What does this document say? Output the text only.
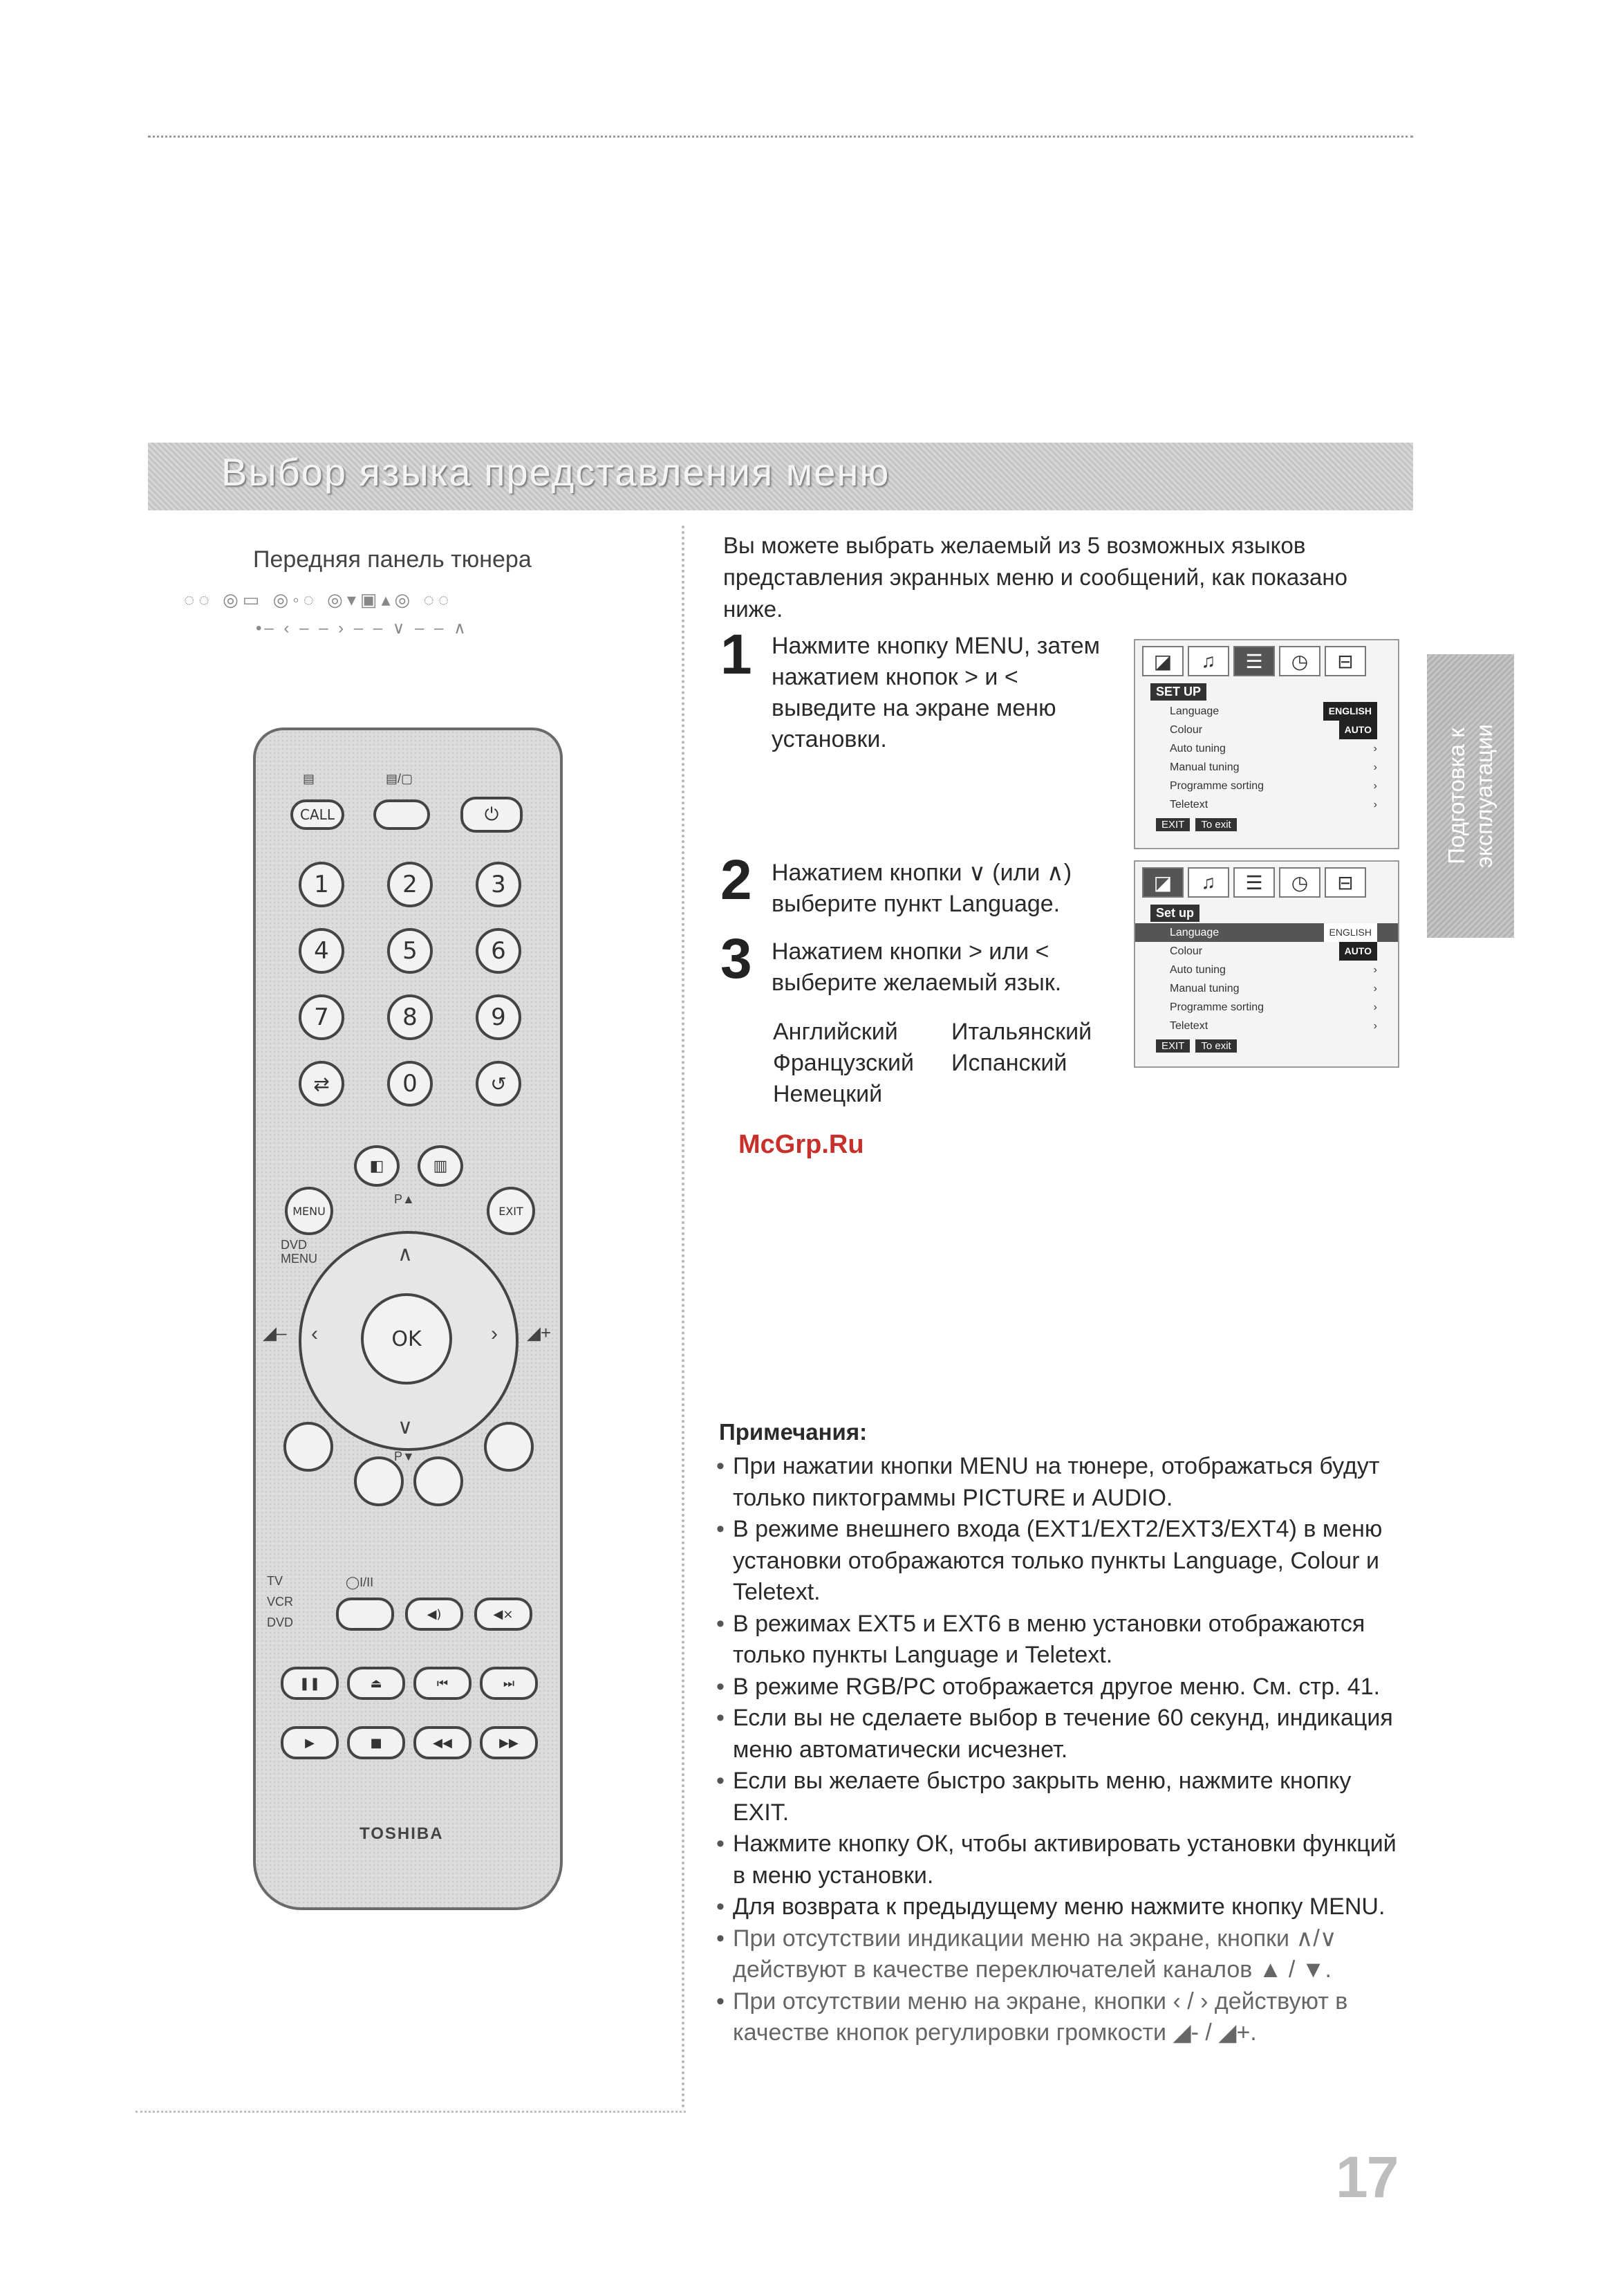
Выбор языка представления меню
Передняя панель тюнера
◌◌ ◎▭ ◎◦◌ ◎▾▣▴◎ ◌◌
•– ‹ – – › – – ∨ – – ∧
▤	▤/▢
CALL	⏻
1	2	3
4	5	6
7	8	9
⇄	0	↺
◧	▥
MENU	EXIT
P▲
DVD MENU
OK
∧
∨
‹	›
◢–	◢+
P▼
TV
VCR
DVD
◯I/II
◀)	◀×
❚❚	⏏	⏮	⏭
▶	■	◀◀	▶▶
TOSHIBA
Вы можете выбрать желаемый из 5 возможных языков представления экранных меню и сообщений, как показано ниже.
1 Нажмите кнопку MENU, затем нажатием кнопок > и < выведите на экране меню установки.
2 Нажатием кнопки ∨ (или ∧) выберите пункт Language.
3 Нажатием кнопки > или < выберите желаемый язык.
Английский	Итальянский
Французский	Испанский
Немецкий
◪	♫	☰	◷	⊟
SET UP
Language	ENGLISH
Colour	AUTO
Auto tuning	›
Manual tuning	›
Programme sorting	›
Teletext	›
EXIT	To exit
◪	♫	☰	◷	⊟
Set up
Language	ENGLISH
Colour	AUTO
Auto tuning	›
Manual tuning	›
Programme sorting	›
Teletext	›
EXIT	To exit
McGrp.Ru
Подготовка к эксплуатации
Примечания:
• При нажатии кнопки MENU на тюнере, отображаться будут только пиктограммы PICTURE и AUDIO.
• В режиме внешнего входа (EXT1/EXT2/EXT3/EXT4) в меню установки отображаются только пункты Language, Colour и Teletext.
• В режимах EXT5 и EXT6 в меню установки отображаются только пункты Language и Teletext.
• В режиме RGB/PC отображается другое меню. См. стр. 41.
• Если вы не сделаете выбор в течение 60 секунд, индикация меню автоматически исчезнет.
• Если вы желаете быстро закрыть меню, нажмите кнопку EXIT.
• Нажмите кнопку ОК, чтобы активировать установки функций в меню установки.
• Для возврата к предыдущему меню нажмите кнопку MENU.
• При отсутствии индикации меню на экране, кнопки ∧/∨ действуют в качестве переключателей каналов ▲ / ▼.
• При отсутствии меню на экране, кнопки ‹ / › действуют в качестве кнопок регулировки громкости ◢- / ◢+.
17
